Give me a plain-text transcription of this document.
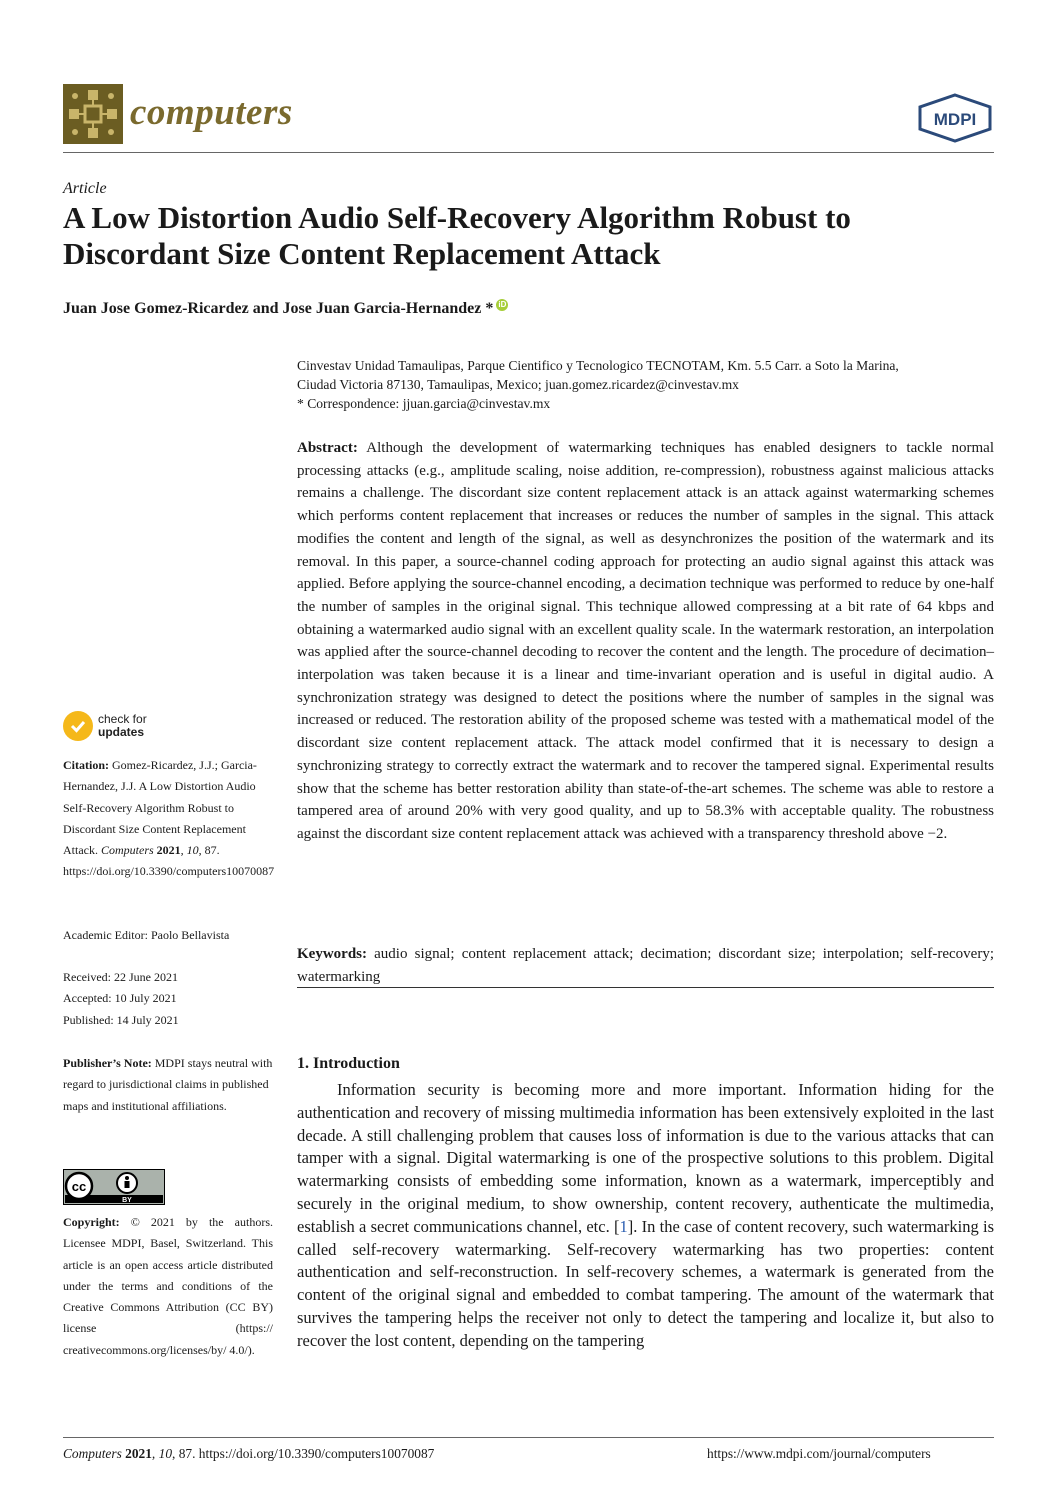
computers	MDPI
Article
A Low Distortion Audio Self-Recovery Algorithm Robust to Discordant Size Content Replacement Attack
Juan Jose Gomez-Ricardez and Jose Juan Garcia-Hernandez * iD
Cinvestav Unidad Tamaulipas, Parque Cientifico y Tecnologico TECNOTAM, Km. 5.5 Carr. a Soto la Marina,
Ciudad Victoria 87130, Tamaulipas, Mexico; juan.gomez.ricardez@cinvestav.mx
* Correspondence: jjuan.garcia@cinvestav.mx
Abstract: Although the development of watermarking techniques has enabled designers to tackle normal processing attacks (e.g., amplitude scaling, noise addition, re-compression), robustness against malicious attacks remains a challenge. The discordant size content replacement attack is an attack against watermarking schemes which performs content replacement that increases or reduces the number of samples in the signal. This attack modifies the content and length of the signal, as well as desynchronizes the position of the watermark and its removal. In this paper, a source-channel coding approach for protecting an audio signal against this attack was applied. Before applying the source-channel encoding, a decimation technique was performed to reduce by one-half the number of samples in the original signal. This technique allowed compressing at a bit rate of 64 kbps and obtaining a watermarked audio signal with an excellent quality scale. In the watermark restoration, an interpolation was applied after the source-channel decoding to recover the content and the length. The procedure of decimation–interpolation was taken because it is a linear and time-invariant operation and is useful in digital audio. A synchronization strategy was designed to detect the positions where the number of samples in the signal was increased or reduced. The restoration ability of the proposed scheme was tested with a mathematical model of the discordant size content replacement attack. The attack model confirmed that it is necessary to design a synchronizing strategy to correctly extract the watermark and to recover the tampered signal. Experimental results show that the scheme has better restoration ability than state-of-the-art schemes. The scheme was able to restore a tampered area of around 20% with very good quality, and up to 58.3% with acceptable quality. The robustness against the discordant size content replacement attack was achieved with a transparency threshold above −2.
Keywords: audio signal; content replacement attack; decimation; discordant size; interpolation; self-recovery; watermarking
1. Introduction
Information security is becoming more and more important. Information hiding for the authentication and recovery of missing multimedia information has been extensively exploited in the last decade. A still challenging problem that causes loss of information is due to the various attacks that can tamper with a signal. Digital watermarking is one of the prospective solutions to this problem. Digital watermarking consists of embedding some information, known as a watermark, imperceptibly and securely in the original medium, to show ownership, content recovery, authenticate the multimedia, establish a secret communications channel, etc. [1]. In the case of content recovery, such watermarking is called self-recovery watermarking. Self-recovery watermarking has two properties: content authentication and self-reconstruction. In self-recovery schemes, a watermark is generated from the content of the original signal and embedded to combat tampering. The amount of the watermark that survives the tampering helps the receiver not only to detect the tampering and localize it, but also to recover the lost content, depending on the tampering
check for
updates
Citation: Gomez-Ricardez, J.J.; Garcia-Hernandez, J.J. A Low Distortion Audio Self-Recovery Algorithm Robust to Discordant Size Content Replacement Attack. Computers 2021, 10, 87. https://doi.org/10.3390/computers10070087
Academic Editor: Paolo Bellavista
Received: 22 June 2021
Accepted: 10 July 2021
Published: 14 July 2021
Publisher’s Note: MDPI stays neutral with regard to jurisdictional claims in published maps and institutional affiliations.
cc
BY
Copyright: © 2021 by the authors. Licensee MDPI, Basel, Switzerland. This article is an open access article distributed under the terms and conditions of the Creative Commons Attribution (CC BY) license (https:// creativecommons.org/licenses/by/ 4.0/).
Computers 2021, 10, 87. https://doi.org/10.3390/computers10070087	https://www.mdpi.com/journal/computers
